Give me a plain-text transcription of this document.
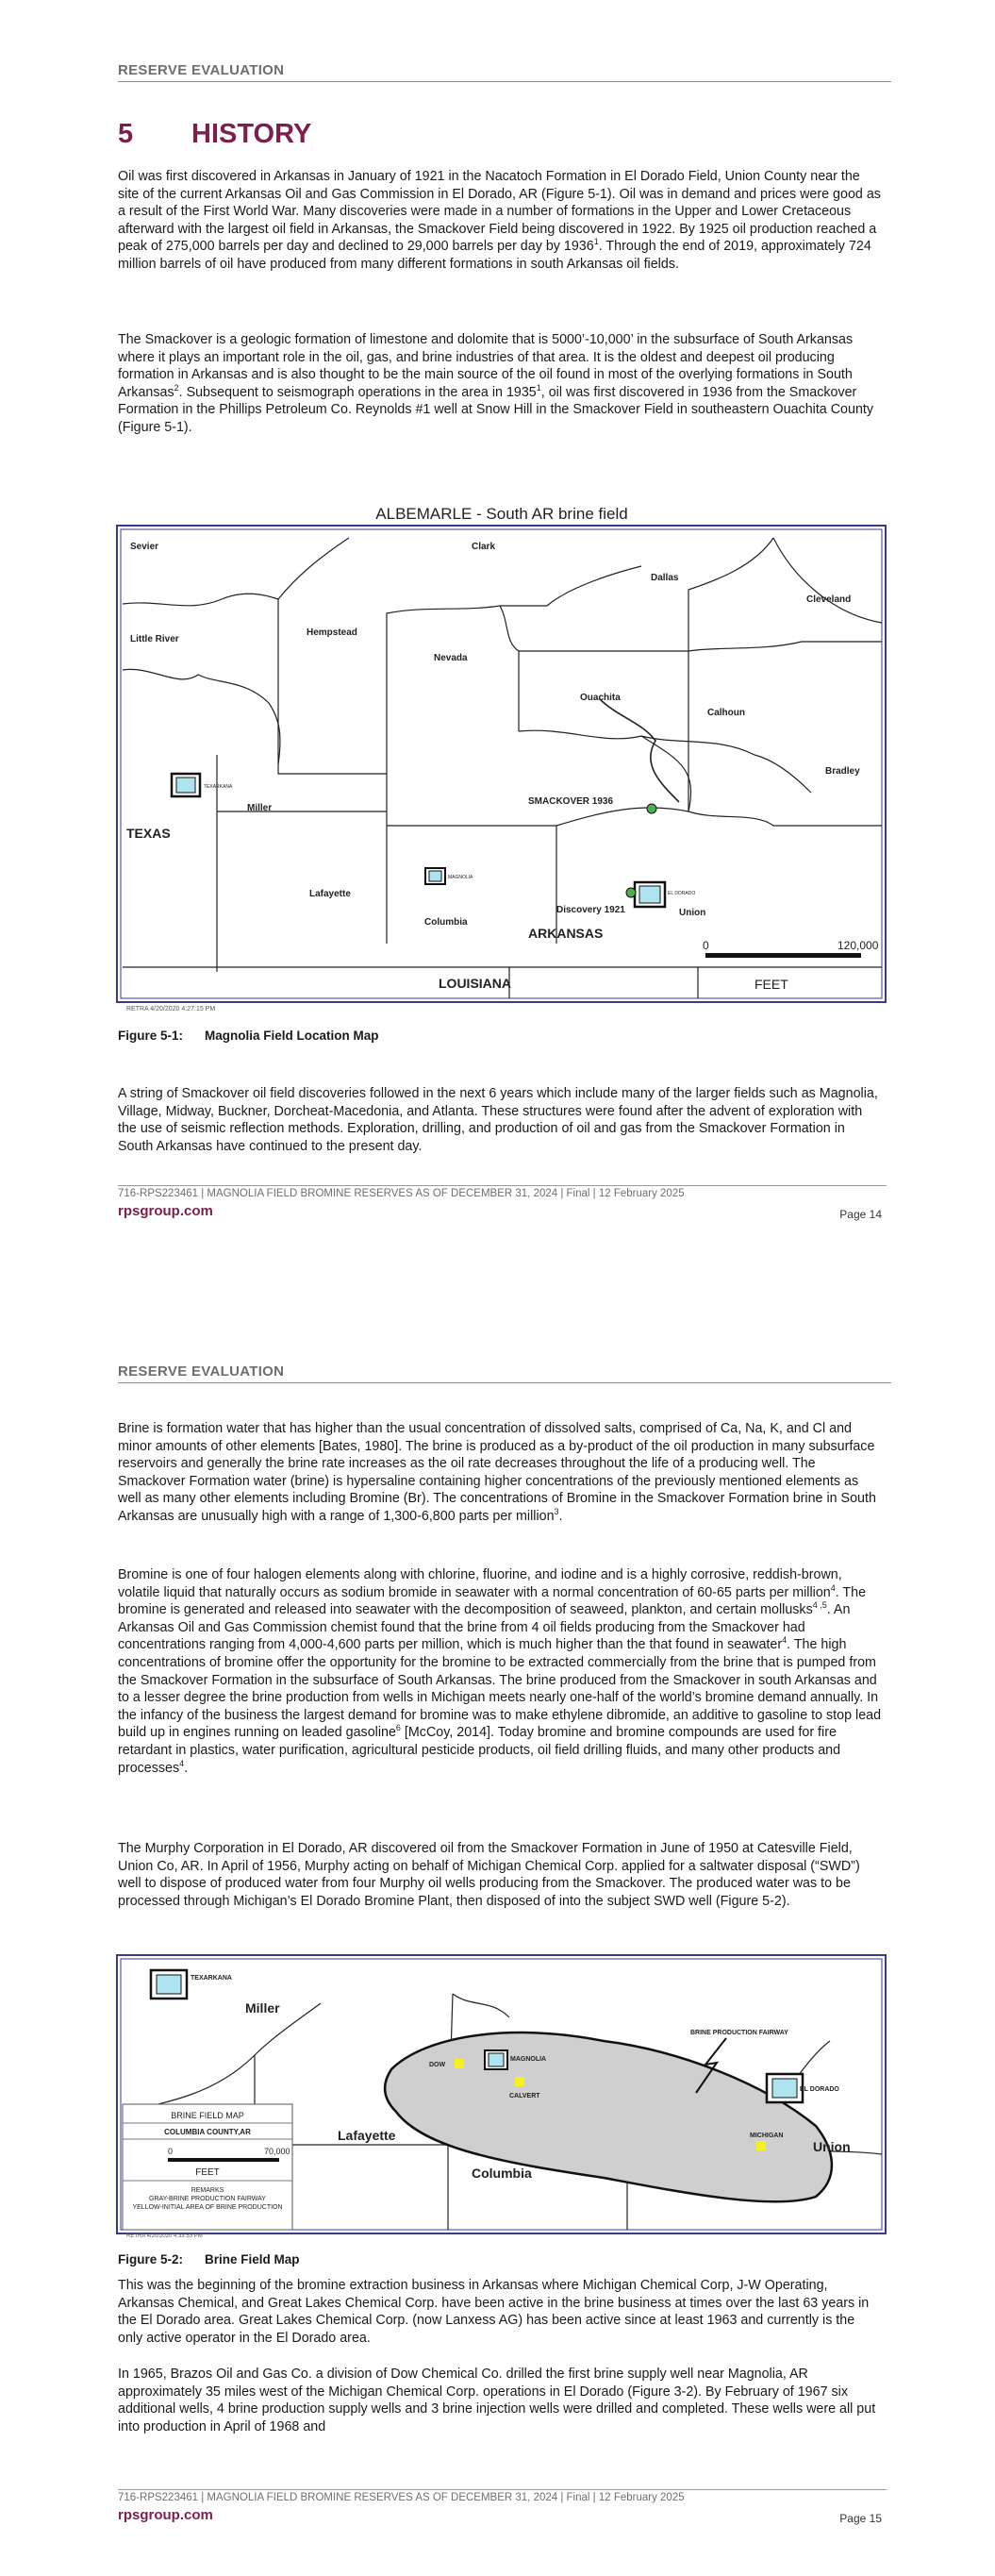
RESERVE EVALUATION
5 HISTORY

Oil was first discovered in Arkansas in January of 1921 in the Nacatoch Formation in El Dorado Field, Union County near the site of the current Arkansas Oil and Gas Commission in El Dorado, AR (Figure 5-1). Oil was in demand and prices were good as a result of the First World War. Many discoveries were made in a number of formations in the Upper and Lower Cretaceous afterward with the largest oil field in Arkansas, the Smackover Field being discovered in 1922. By 1925 oil production reached a peak of 275,000 barrels per day and declined to 29,000 barrels per day by 1936$^1$. Through the end of 2019, approximately 724 million barrels of oil have produced from many different formations in south Arkansas oil fields.

The Smackover is a geologic formation of limestone and dolomite that is 5000’-10,000’ in the subsurface of South Arkansas where it plays an important role in the oil, gas, and brine industries of that area. It is the oldest and deepest oil producing formation in Arkansas and is also thought to be the main source of the oil found in most of the overlying formations in South Arkansas$^2$. Subsequent to seismograph operations in the area in 1935$^1$, oil was first discovered in 1936 from the Smackover Formation in the Phillips Petroleum Co. Reynolds #1 well at Snow Hill in the Smackover Field in southeastern Ouachita County (Figure 5-1).

ALBEMARLE - South AR brine field
Sevier	Clark
Dallas
Cleveland
Little River
Hempstead
Nevada
Ouachita
Calhoun
Bradley
Miller
Lafayette
Columbia
Union
TEXAS
ARKANSAS
LOUISIANA
TEXARKANA
MAGNOLIA
EL DORADO
SMACKOVER 1936
Discovery 1921
0	120,000
FEET
RETRA 4/20/2020 4:27:15 PM
Figure 5-1: Magnolia Field Location Map

A string of Smackover oil field discoveries followed in the next 6 years which include many of the larger fields such as Magnolia, Village, Midway, Buckner, Dorcheat-Macedonia, and Atlanta. These structures were found after the advent of exploration with the use of seismic reflection methods. Exploration, drilling, and production of oil and gas from the Smackover Formation in South Arkansas have continued to the present day.

716-RPS223461 | MAGNOLIA FIELD BROMINE RESERVES AS OF DECEMBER 31, 2024 | Final | 12 February 2025
rpsgroup.com	Page 14
RESERVE EVALUATION

Brine is formation water that has higher than the usual concentration of dissolved salts, comprised of Ca, Na, K, and Cl and minor amounts of other elements [Bates, 1980]. The brine is produced as a by-product of the oil production in many subsurface reservoirs and generally the brine rate increases as the oil rate decreases throughout the life of a producing well. The Smackover Formation water (brine) is hypersaline containing higher concentrations of the previously mentioned elements as well as many other elements including Bromine (Br). The concentrations of Bromine in the Smackover Formation brine in South Arkansas are unusually high with a range of 1,300-6,800 parts per million$^3$.

Bromine is one of four halogen elements along with chlorine, fluorine, and iodine and is a highly corrosive, reddish-brown, volatile liquid that naturally occurs as sodium bromide in seawater with a normal concentration of 60-65 parts per million$^4$. The bromine is generated and released into seawater with the decomposition of seaweed, plankton, and certain mollusks$^{4 ,5}$. An Arkansas Oil and Gas Commission chemist found that the brine from 4 oil fields producing from the Smackover had concentrations ranging from 4,000-4,600 parts per million, which is much higher than the that found in seawater$^4$. The high concentrations of bromine offer the opportunity for the bromine to be extracted commercially from the brine that is pumped from the Smackover Formation in the subsurface of South Arkansas. The brine produced from the Smackover in south Arkansas and to a lesser degree the brine production from wells in Michigan meets nearly one-half of the world’s bromine demand annually. In the infancy of the business the largest demand for bromine was to make ethylene dibromide, an additive to gasoline to stop lead build up in engines running on leaded gasoline$^6$ [McCoy, 2014]. Today bromine and bromine compounds are used for fire retardant in plastics, water purification, agricultural pesticide products, oil field drilling fluids, and many other products and processes$^4$.

The Murphy Corporation in El Dorado, AR discovered oil from the Smackover Formation in June of 1950 at Catesville Field, Union Co, AR. In April of 1956, Murphy acting on behalf of Michigan Chemical Corp. applied for a saltwater disposal (“SWD”) well to dispose of produced water from four Murphy oil wells producing from the Smackover. The produced water was to be processed through Michigan’s El Dorado Bromine Plant, then disposed of into the subject SWD well (Figure 5-2).

TEXARKANA
MAGNOLIA
EL DORADO
DOW
CALVERT
MICHIGAN
BRINE PRODUCTION FAIRWAY
Miller
Lafayette
Columbia
Union
BRINE FIELD MAP
COLUMBIA COUNTY,AR
0	70,000
FEET
REMARKS
GRAY-BRINE PRODUCTION FAIRWAY
YELLOW-INITIAL AREA OF BRINE PRODUCTION
RETRA 4/20/2020 4:33:53 PM
Figure 5-2: Brine Field Map

This was the beginning of the bromine extraction business in Arkansas where Michigan Chemical Corp, J-W Operating, Arkansas Chemical, and Great Lakes Chemical Corp. have been active in the brine business at times over the last 63 years in the El Dorado area. Great Lakes Chemical Corp. (now Lanxess AG) has been active since at least 1963 and currently is the only active operator in the El Dorado area.

In 1965, Brazos Oil and Gas Co. a division of Dow Chemical Co. drilled the first brine supply well near Magnolia, AR approximately 35 miles west of the Michigan Chemical Corp. operations in El Dorado (Figure 3-2). By February of 1967 six additional wells, 4 brine production supply wells and 3 brine injection wells were drilled and completed. These wells were all put into production in April of 1968 and

716-RPS223461 | MAGNOLIA FIELD BROMINE RESERVES AS OF DECEMBER 31, 2024 | Final | 12 February 2025
rpsgroup.com	Page 15
